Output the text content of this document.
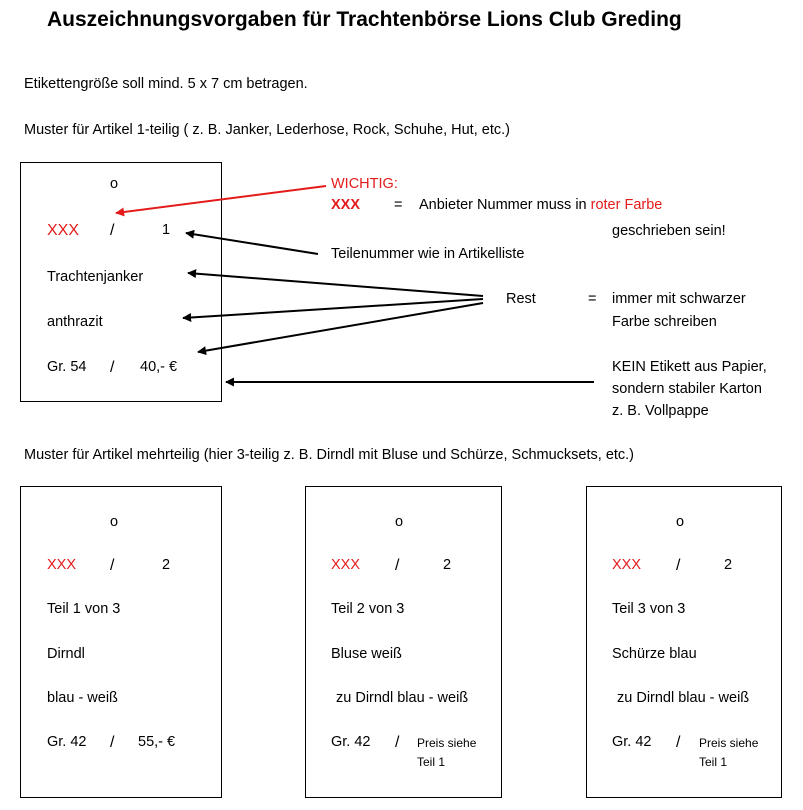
Auszeichnungsvorgaben für Trachtenbörse Lions Club Greding
Etikettengröße soll mind. 5 x 7 cm betragen.
Muster für Artikel 1-teilig ( z. B. Janker, Lederhose, Rock, Schuhe, Hut, etc.)
o
XXX /	1
Trachtenjanker
anthrazit
Gr. 54 / 40,- €
WICHTIG:
XXX = Anbieter Nummer muss in roter Farbe
geschrieben sein!
Teilenummer wie in Artikelliste
Rest	= immer mit schwarzer
Farbe schreiben
KEIN Etikett aus Papier,
sondern stabiler Karton
z. B. Vollpappe
Muster für Artikel mehrteilig (hier 3-teilig z. B. Dirndl mit Bluse und Schürze, Schmucksets, etc.)
o
XXX /	2
Teil 1 von 3
Dirndl
blau - weiß
Gr. 42 / 55,- €
o
XXX /	2
Teil 2 von 3
Bluse weiß
zu Dirndl blau - weiß
Gr. 42 / Preis siehe
Teil 1
o
XXX /	2
Teil 3 von 3
Schürze blau
zu Dirndl blau - weiß
Gr. 42 / Preis siehe
Teil 1
